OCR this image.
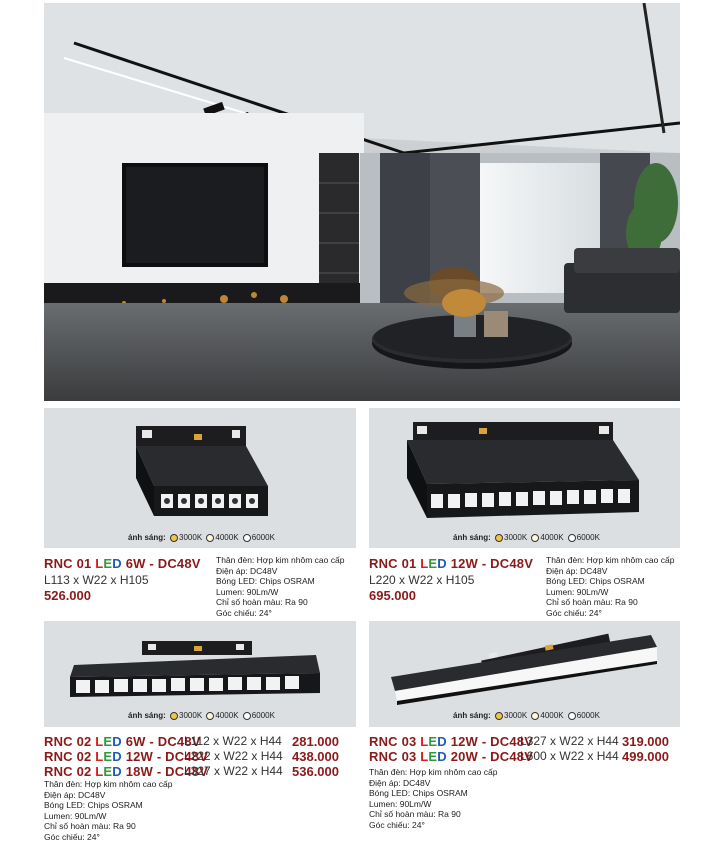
ánh sáng: 3000K 4000K 6000K
RNC 01 LED 6W - DC48V
L113 x W22 x H105
526.000
Thân đèn: Hợp kim nhôm cao cấp
Điện áp: DC48V
Bóng LED: Chips OSRAM
Lumen: 90Lm/W
Chỉ số hoàn màu: Ra 90
Góc chiếu: 24°
ánh sáng: 3000K 4000K 6000K
RNC 01 LED 12W - DC48V
L220 x W22 x H105
695.000
Thân đèn: Hợp kim nhôm cao cấp
Điện áp: DC48V
Bóng LED: Chips OSRAM
Lumen: 90Lm/W
Chỉ số hoàn màu: Ra 90
Góc chiếu: 24°
ánh sáng: 3000K 4000K 6000K
RNC 02 LED 6W - DC48V
RNC 02 LED 12W - DC48V
RNC 02 LED 18W - DC48V
L112 x W22 x H44
L222 x W22 x H44
L327 x W22 x H44
281.000
438.000
536.000
Thân đèn: Hợp kim nhôm cao cấp
Điện áp: DC48V
Bóng LED: Chips OSRAM
Lumen: 90Lm/W
Chỉ số hoàn màu: Ra 90
Góc chiếu: 24°
ánh sáng: 3000K 4000K 6000K
RNC 03 LED 12W - DC48V
RNC 03 LED 20W - DC48V
L327 x W22 x H44
L600 x W22 x H44
319.000
499.000
Thân đèn: Hợp kim nhôm cao cấp
Điện áp: DC48V
Bóng LED: Chips OSRAM
Lumen: 90Lm/W
Chỉ số hoàn màu: Ra 90
Góc chiếu: 24°
